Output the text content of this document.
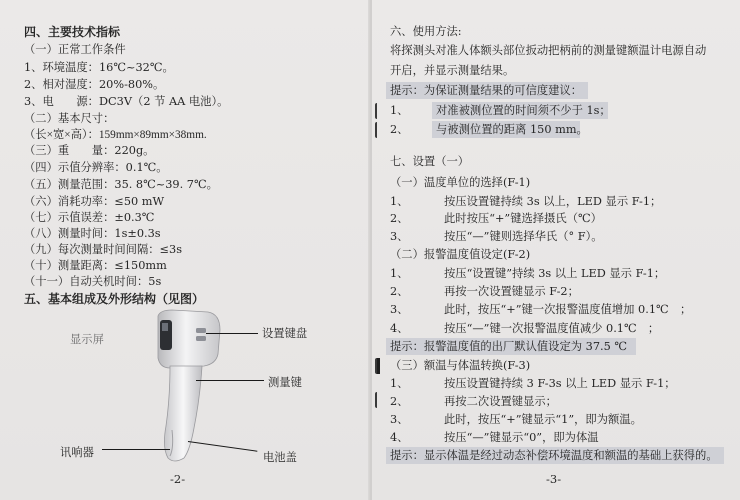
四、主要技术指标
（一）正常工作条件
1、环境温度：16℃~32℃。
2、相对湿度：20%-80%。
3、电　　源：DC3V（2 节 AA 电池）。
（二）基本尺寸：
（长×宽×高）：159mm×89mm×38mm.
（三）重　　量：220g。
（四）示值分辨率：0.1℃。
（五）测量范围：35. 8℃~39. 7℃。
（六）消耗功率：≤50 mW
（七）示值误差：±0.3℃
（八）测量时间：1s±0.3s
（九）每次测量时间间隔：≤3s
（十）测量距离：≤150mm
（十一）自动关机时间：5s
五、基本组成及外形结构（见图）
显示屏	设置键盘
测量键
讯响器	电池盖
-2-
六、使用方法:
将探测头对准人体额头部位扳动把柄前的测量键额温计电源自动
开启，并显示测量结果。
提示：为保证测量结果的可信度建议：
1、 对准被测位置的时间须不少于 1s；
2、 与被测位置的距离 150 mm。
七、设置（一）
（一）温度单位的选择(F-1)
1、	按压设置键持续 3s 以上，LED 显示 F-1；
2、	此时按压“+”键选择摄氏（℃）
3、	按压“—”键则选择华氏（° F）。
（二）报警温度值设定(F-2)
1、	按压“设置键”持续 3s 以上 LED 显示 F-1；
2、	再按一次设置键显示 F-2；
3、	此时，按压“+”键一次报警温度值增加 0.1℃　；
4、	按压“—”键一次报警温度值减少 0.1℃　；
提示：报警温度值的出厂默认值设定为 37.5 ℃
（三）额温与体温转换(F-3)
1、	按压设置键持续 3 F-3s 以上 LED 显示 F-1；
2、	再按二次设置键显示；
3、	此时，按压“+”键显示“1”，即为额温。
4、	按压“—”键显示“0”，即为体温
提示：显示体温是经过动态补偿环境温度和额温的基础上获得的。
-3-
